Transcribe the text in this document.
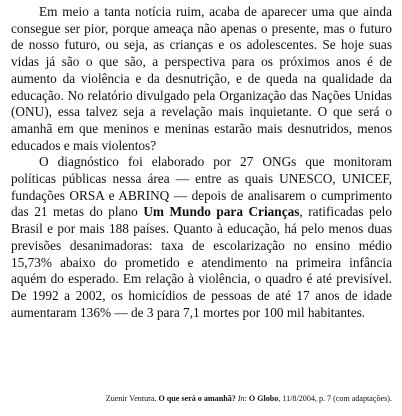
Em meio a tanta notícia ruim, acaba de aparecer uma que ainda consegue ser pior, porque ameaça não apenas o presente, mas o futuro de nosso futuro, ou seja, as crianças e os adolescentes. Se hoje suas vidas já são o que são, a perspectiva para os próximos anos é de aumento da violência e da desnutrição, e de queda na qualidade da educação. No relatório divulgado pela Organização das Nações Unidas (ONU), essa talvez seja a revelação mais inquietante. O que será o amanhã em que meninos e meninas estarão mais desnutridos, menos educados e mais violentos?

O diagnóstico foi elaborado por 27 ONGs que monitoram políticas públicas nessa área — entre as quais UNESCO, UNICEF, fundações ORSA e ABRINQ — depois de analisarem o cumprimento das 21 metas do plano Um Mundo para Crianças, ratificadas pelo Brasil e por mais 188 países. Quanto à educação, há pelo menos duas previsões desanimadoras: taxa de escolarização no ensino médio 15,73% abaixo do prometido e atendimento na primeira infância aquém do esperado. Em relação à violência, o quadro é até previsível. De 1992 a 2002, os homicídios de pessoas de até 17 anos de idade aumentaram 136% — de 3 para 7,1 mortes por 100 mil habitantes.

Zuenir Ventura. O que será o amanhã? In: O Globo, 11/8/2004, p. 7 (com adaptações).
